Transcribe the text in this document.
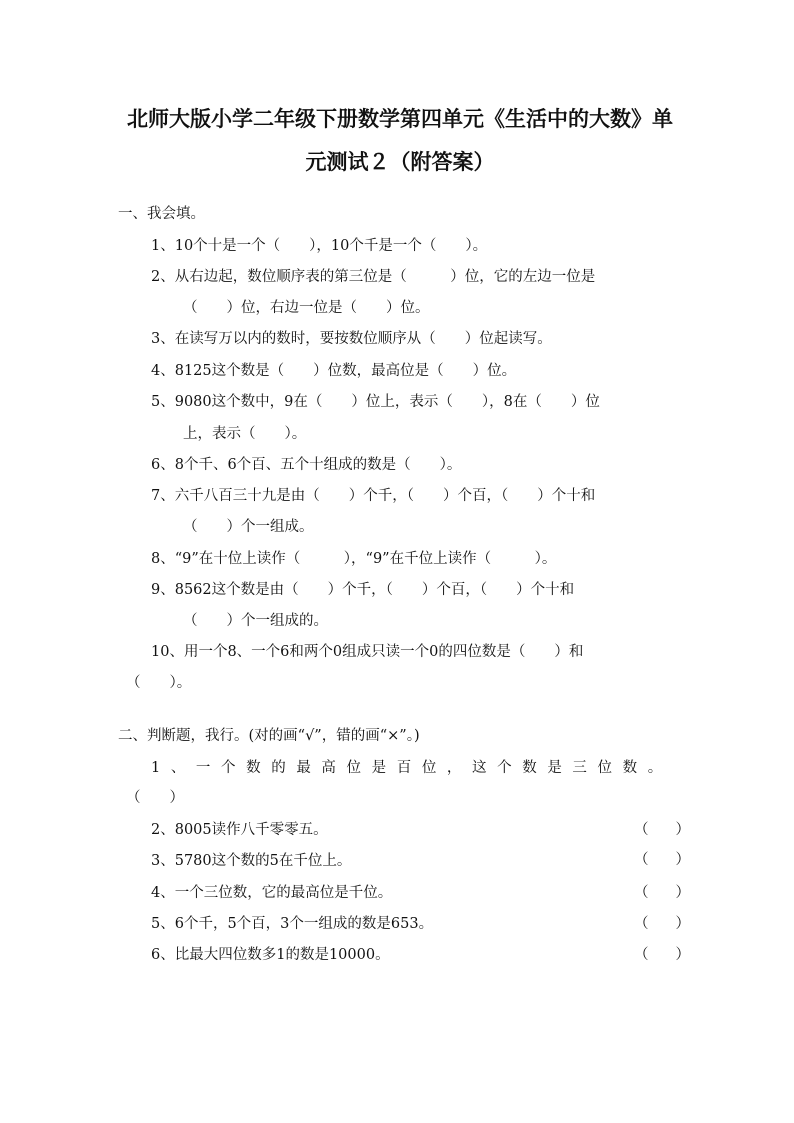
北师大版小学二年级下册数学第四单元《生活中的大数》单
元测试２（附答案）
一、我会填。
1、10个十是一个（　　），10个千是一个（　　）。
2、从右边起，数位顺序表的第三位是（　　　）位，它的左边一位是
（　　）位，右边一位是（　　）位。
3、在读写万以内的数时，要按数位顺序从（　　）位起读写。
4、8125这个数是（　　）位数，最高位是（　　）位。
5、9080这个数中，9在（　　）位上，表示（　　），8在（　　）位
上，表示（　　）。
6、8个千、6个百、五个十组成的数是（　　）。
7、六千八百三十九是由（　　）个千，（　　）个百，（　　）个十和
（　　）个一组成。
8、“9”在十位上读作（　　　），“9”在千位上读作（　　　）。
9、8562这个数是由（　　）个千，（　　）个百，（　　）个十和
（　　）个一组成的。
10、用一个8、一个6和两个0组成只读一个0的四位数是（　　）和
（　　）。
二、判断题，我行。(对的画“√”，错的画“×”。)
1、一个数的最高位是百位，这个数是三位数。
（　　）
2、8005读作八千零零五。	（ ）
3、5780这个数的5在千位上。	（ ）
4、一个三位数，它的最高位是千位。	（ ）
5、6个千，5个百，3个一组成的数是653。	（ ）
6、比最大四位数多1的数是10000。	（ ）
